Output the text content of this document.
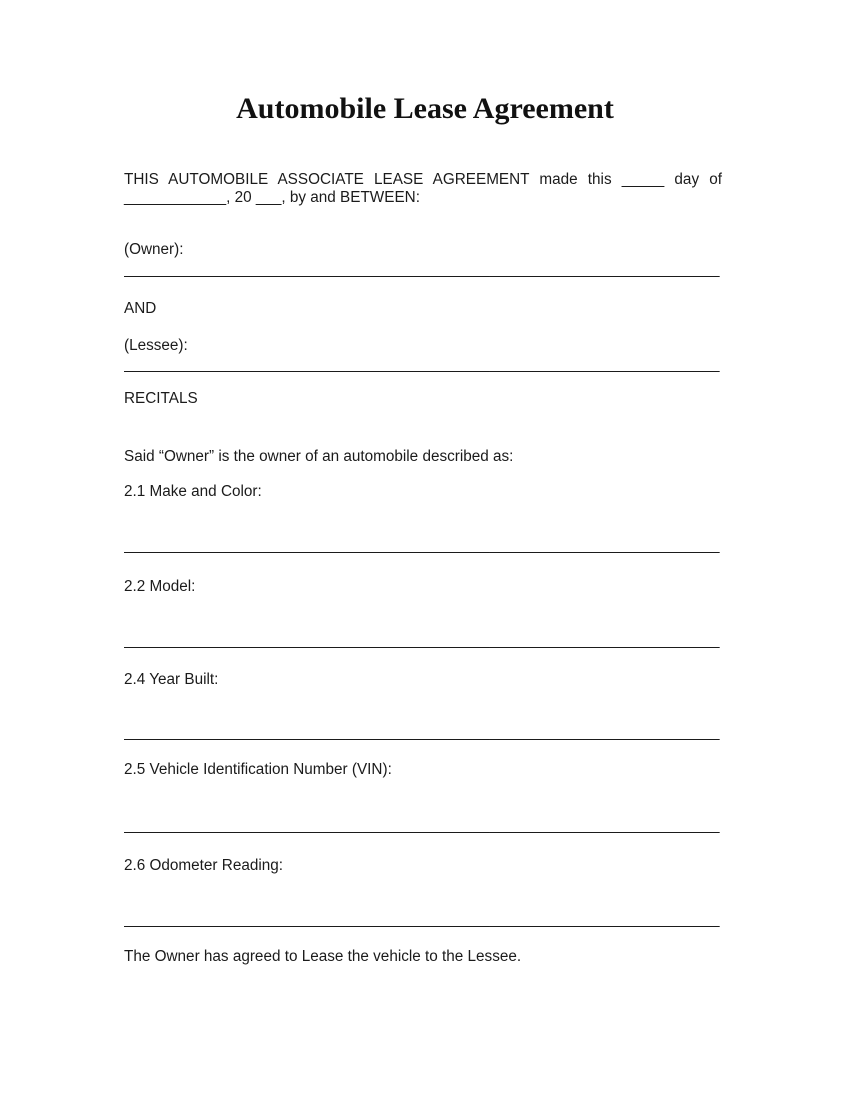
Automobile Lease Agreement

THIS AUTOMOBILE ASSOCIATE LEASE AGREEMENT made this _____ day of ____________, 20 ___, by and BETWEEN:

(Owner):
______________________________________________________________________
AND
(Lessee):
______________________________________________________________________
RECITALS
Said “Owner” is the owner of an automobile described as:
2.1 Make and Color:
______________________________________________________________________
2.2 Model:
______________________________________________________________________
2.4 Year Built:
______________________________________________________________________
2.5 Vehicle Identification Number (VIN):
______________________________________________________________________
2.6 Odometer Reading:
______________________________________________________________________
The Owner has agreed to Lease the vehicle to the Lessee.
